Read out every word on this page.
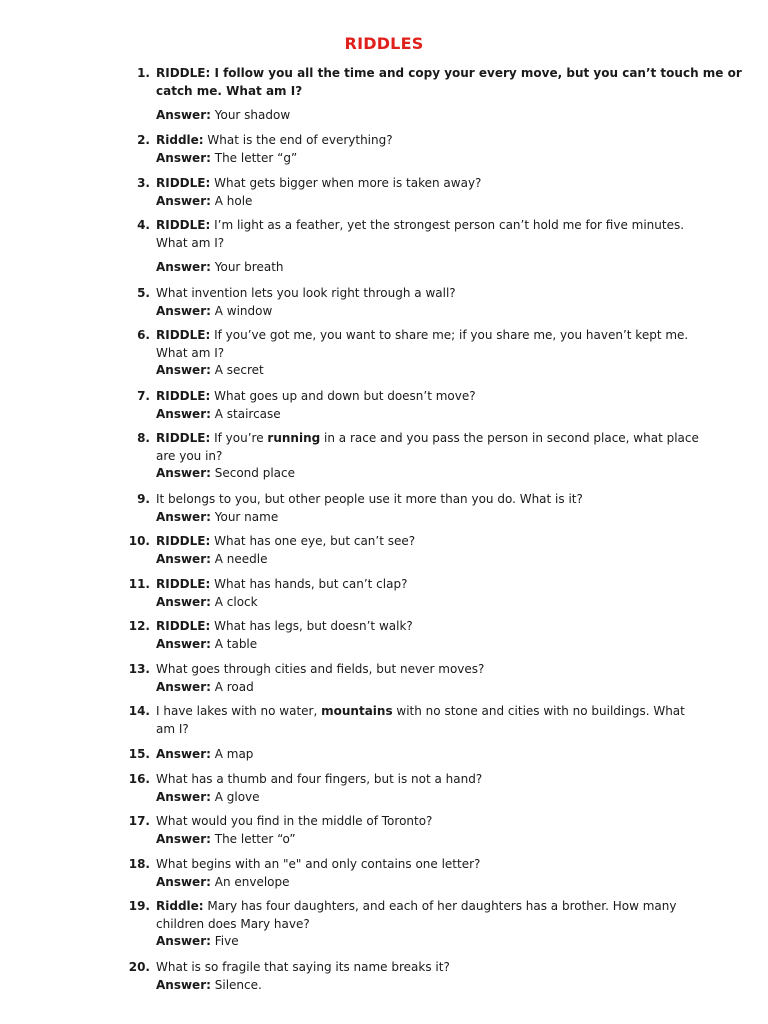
RIDDLES
1. RIDDLE: I follow you all the time and copy your every move, but you can’t touch me or
catch me. What am I?
Answer: Your shadow
2. Riddle: What is the end of everything?
Answer: The letter “g”
3. RIDDLE: What gets bigger when more is taken away?
Answer: A hole
4. RIDDLE: I’m light as a feather, yet the strongest person can’t hold me for five minutes.
What am I?
Answer: Your breath
5. What invention lets you look right through a wall?
Answer: A window
6. RIDDLE: If you’ve got me, you want to share me; if you share me, you haven’t kept me.
What am I?
Answer: A secret
7. RIDDLE: What goes up and down but doesn’t move?
Answer: A staircase
8. RIDDLE: If you’re running in a race and you pass the person in second place, what place
are you in?
Answer: Second place
9. It belongs to you, but other people use it more than you do. What is it?
Answer: Your name
10. RIDDLE: What has one eye, but can’t see?
Answer: A needle
11. RIDDLE: What has hands, but can’t clap?
Answer: A clock
12. RIDDLE: What has legs, but doesn’t walk?
Answer: A table
13. What goes through cities and fields, but never moves?
Answer: A road
14. I have lakes with no water, mountains with no stone and cities with no buildings. What
am I?
15. Answer: A map
16. What has a thumb and four fingers, but is not a hand?
Answer: A glove
17. What would you find in the middle of Toronto?
Answer: The letter “o”
18. What begins with an "e" and only contains one letter?
Answer: An envelope
19. Riddle: Mary has four daughters, and each of her daughters has a brother. How many
children does Mary have?
Answer: Five
20. What is so fragile that saying its name breaks it?
Answer: Silence.
